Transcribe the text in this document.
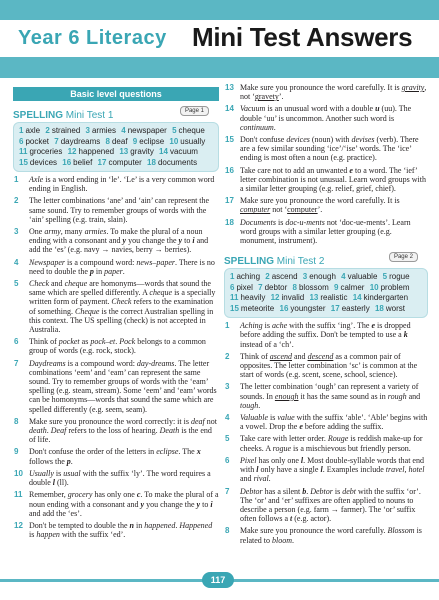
Year 6 Literacy Mini Test Answers
Basic level questions
SPELLING Mini Test 1	Page 1
1 axle 2 strained 3 armies 4 newspaper 5 cheque 6 pocket 7 daydreams 8 deaf 9 eclipse 10 usually 11 groceries 12 happened 13 gravity 14 vacuum 15 devices 16 belief 17 computer 18 documents
1 Axle is a word ending in ‘le’. ‘Le’ is a very common word ending in English.
2 The letter combinations ‘ane’ and ‘ain’ can represent the same sound. Try to remember groups of words with the ‘ain’ spelling (e.g. train, slain).
3 One army, many armies. To make the plural of a noun ending with a consonant and y you change the y to i and add the ‘es’ (e.g. navy → navies, berry → berries).
4 Newspaper is a compound word: news–paper. There is no need to double the p in paper.
5 Check and cheque are homonyms—words that sound the same which are spelled differently. A cheque is a specially written form of payment. Check refers to the examination of something. Cheque is the correct Australian spelling in this context. The US spelling (check) is not accepted in Australia.
6 Think of pocket as pock–et. Pock belongs to a common group of words (e.g. rock, stock).
7 Daydreams is a compound word: day-dreams. The letter combinations ‘eem’ and ‘eam’ can represent the same sound. Try to remember groups of words with the ‘eam’ spelling (e.g. steam, stream). Some ‘eem’ and ‘eam’ words can be homonyms—words that sound the same which are spelled differently (e.g. seem, seam).
8 Make sure you pronounce the word correctly: it is deaf not death. Deaf refers to the loss of hearing. Death is the end of life.
9 Don't confuse the order of the letters in eclipse. The x follows the p.
10 Usually is usual with the suffix ‘ly’. The word requires a double l (ll).
11 Remember, grocery has only one c. To make the plural of a noun ending with a consonant and y you change the y to i and add the ‘es’.
12 Don't be tempted to double the n in happened. Happened is happen with the suffix ‘ed’.
13 Make sure you pronounce the word carefully. It is gravity, not ‘gravety’.
14 Vacuum is an unusual word with a double u (uu). The double ‘uu’ is uncommon. Another such word is continuum.
15 Don't confuse devices (noun) with devises (verb). There are a few similar sounding ‘ice’/‘ise’ words. The ‘ice’ ending is most often a noun (e.g. practice).
16 Take care not to add an unwanted e to a word. The ‘ief’ letter combination is not unusual. Learn word groups with a similar letter grouping (e.g. relief, grief, chief).
17 Make sure you pronounce the word carefully. It is computer not ‘computer’.
18 Documents is doc-u-ments not ‘doc-ue-ments’. Learn word groups with a similar letter grouping (e.g. monument, instrument).
SPELLING Mini Test 2	Page 2
1 aching 2 ascend 3 enough 4 valuable 5 rogue 6 pixel 7 debtor 8 blossom 9 calmer 10 problem 11 heavily 12 invalid 13 realistic 14 kindergarten 15 meteorite 16 youngster 17 easterly 18 worst
1 Aching is ache with the suffix ‘ing’. The e is dropped before adding the suffix. Don't be tempted to use a k instead of a ‘ch’.
2 Think of ascend and descend as a common pair of opposites. The letter combination ‘sc’ is common at the start of words (e.g. scent, scene, school, science).
3 The letter combination ‘ough’ can represent a variety of sounds. In enough it has the same sound as in rough and tough.
4 Valuable is value with the suffix ‘able’. ‘Able’ begins with a vowel. Drop the e before adding the suffix.
5 Take care with letter order. Rouge is reddish make-up for cheeks. A rogue is a mischievous but friendly person.
6 Pixel has only one l. Most double-syllable words that end with l only have a single l. Examples include travel, hotel and rival.
7 Debtor has a silent b. Debtor is debt with the suffix ‘or’. The ‘or’ and ‘er’ suffixes are often applied to nouns to describe a person (e.g. farm → farmer). The ‘or’ suffix often follows a t (e.g. actor).
8 Make sure you pronounce the word carefully. Blossom is related to bloom.
117
